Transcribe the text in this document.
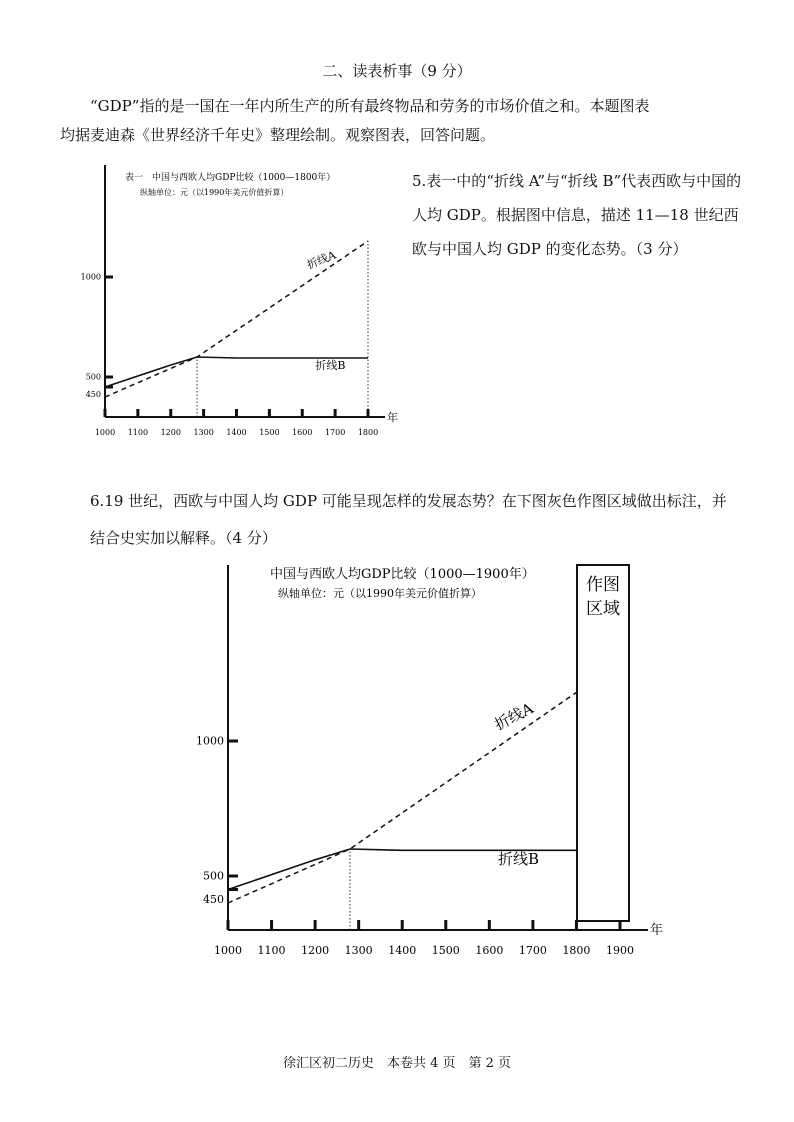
二、读表析事（9 分）

“GDP”指的是一国在一年内所生产的所有最终物品和劳务的市场价值之和。本题图表

均据麦迪森《世界经济千年史》整理绘制。观察图表，回答问题。

5.表一中的“折线 A”与“折线 B”代表西欧与中国的人均 GDP。根据图中信息，描述 11—18 世纪西欧与中国人均 GDP 的变化态势。（3 分）
6.19 世纪，西欧与中国人均 GDP 可能呈现怎样的发展态势？在下图灰色作图区域做出标注，并结合史实加以解释。（4 分）
1000 1100 1200 1300 1400 1500 1600 1700 1800
450
500
1000
表一　中国与西欧人均GDP比较（1000—1800年）
纵轴单位：元（以1990年美元价值折算）
折线A
折线B
年
1000 1100 1200 1300 1400 1500 1600 1700 1800 1900
450
500
1000
中国与西欧人均GDP比较（1000—1900年）
纵轴单位：元（以1990年美元价值折算）
折线A
折线B
年
作图
区域
徐汇区初二历史　本卷共 4 页　第 2 页
